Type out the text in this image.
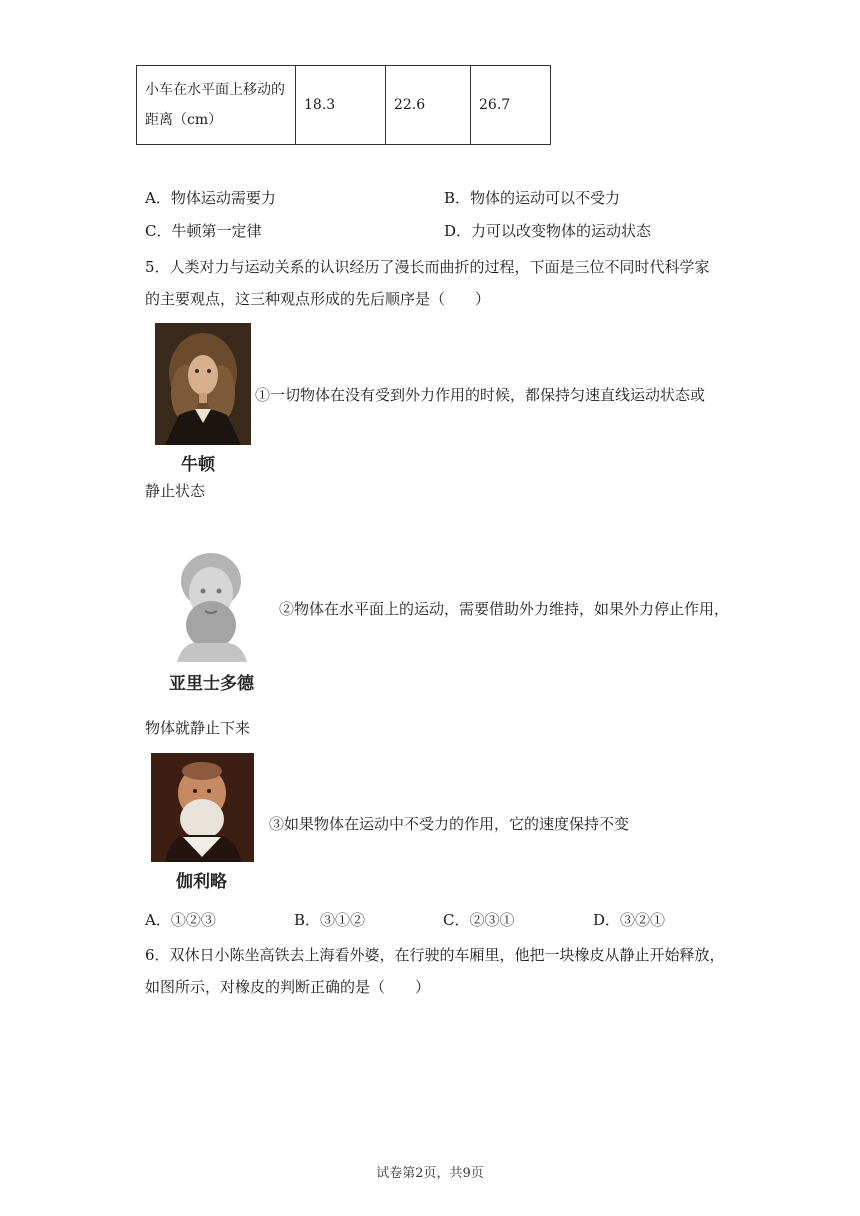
小车在水平面上移动的距离（cm）	18.3	22.6	26.7
A．物体运动需要力	B．物体的运动可以不受力
C．牛顿第一定律	D．力可以改变物体的运动状态
5．人类对力与运动关系的认识经历了漫长而曲折的过程，下面是三位不同时代科学家
的主要观点，这三种观点形成的先后顺序是（　　）
牛顿
①一切物体在没有受到外力作用的时候，都保持匀速直线运动状态或
静止状态
亚里士多德
②物体在水平面上的运动，需要借助外力维持，如果外力停止作用，
物体就静止下来
伽利略
③如果物体在运动中不受力的作用，它的速度保持不变
A．①②③	B．③①②	C．②③①	D．③②①
6．双休日小陈坐高铁去上海看外婆，在行驶的车厢里，他把一块橡皮从静止开始释放，
如图所示，对橡皮的判断正确的是（　　）
试卷第2页，共9页
